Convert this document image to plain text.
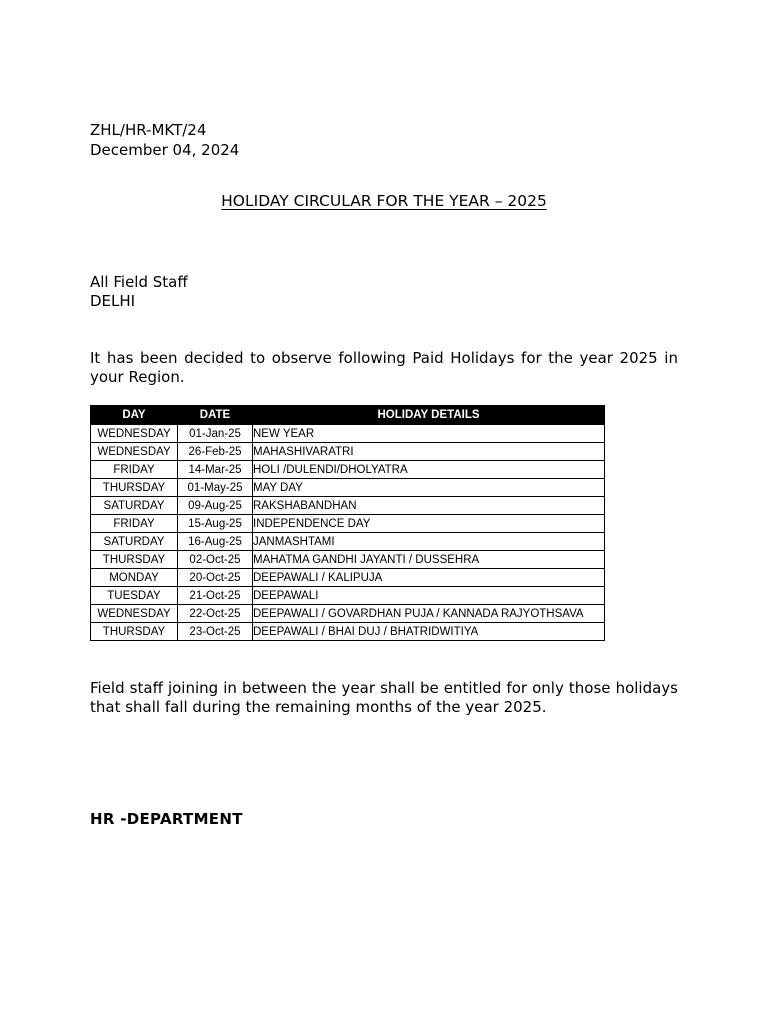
ZHL/HR-MKT/24
December 04, 2024
HOLIDAY CIRCULAR FOR THE YEAR – 2025
All Field Staff
DELHI
It has been decided to observe following Paid Holidays for the year 2025 in your Region.
DAY	DATE	HOLIDAY DETAILS
WEDNESDAY	01-Jan-25	NEW YEAR
WEDNESDAY	26-Feb-25	MAHASHIVARATRI
FRIDAY	14-Mar-25	HOLI /DULENDI/DHOLYATRA
THURSDAY	01-May-25	MAY DAY
SATURDAY	09-Aug-25	RAKSHABANDHAN
FRIDAY	15-Aug-25	INDEPENDENCE DAY
SATURDAY	16-Aug-25	JANMASHTAMI
THURSDAY	02-Oct-25	MAHATMA GANDHI JAYANTI / DUSSEHRA
MONDAY	20-Oct-25	DEEPAWALI / KALIPUJA
TUESDAY	21-Oct-25	DEEPAWALI
WEDNESDAY	22-Oct-25	DEEPAWALI / GOVARDHAN PUJA / KANNADA RAJYOTHSAVA
THURSDAY	23-Oct-25	DEEPAWALI / BHAI DUJ / BHATRIDWITIYA
Field staff joining in between the year shall be entitled for only those holidays that shall fall during the remaining months of the year 2025.
HR -DEPARTMENT
